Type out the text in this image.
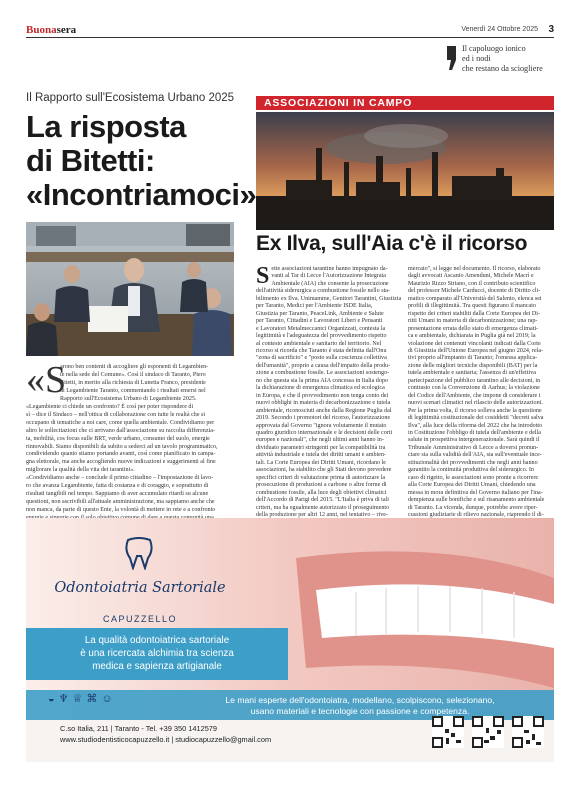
Buonasera	Venerdì 24 Ottobre 2025 3
Il capoluogo ionico
ed i nodi
che restano da sciogliere
Il Rapporto sull'Ecosistema Urbano 2025
La risposta
di Bitetti:
«Incontriamoci»
«S

arono ben contenti di accogliere gli esponenti di Legambien-

te nella sede del Comune». Così il sindaco di Taranto, Piero

Bitetti, in merito alla richiesta di Lunetta Franco, presidente

di Legambiente Taranto, commentando i risultati emersi nel

Rapporto sull'Ecosistema Urbano di Legambiente 2025.

«Legambiente ci chiede un confronto? È così per poter rispondere di

sì – dice il Sindaco – nell'ottica di collaborazione con tutte le realtà che si

occupano di tematiche a noi care, come quella ambientale. Condividiamo per

altro le sollecitazioni che ci arrivano dall'associazione su raccolta differenzia-

ta, mobilità, cos focus sulle BRT, verde urbano, consumo del suolo, energie

rinnovabili. Siamo disponibili da subito a sederci ad un tavolo programmatico,

condividendo quanto stiamo portando avanti, così come pianificato in campa-

gna elettorale, ma anche accogliendo nuove indicazioni e suggerimenti al fine

migliorare la qualità della vita dei tarantini».

«Condividiamo anche – conclude il primo cittadino – l'impostazione di lavo-

ro che avanza Legambiente, fatta di costanza e di coraggio, e soprattutto di

risultati tangibili nel tempo. Sappiamo di aver accumulato ritardi su alcune

questioni, non ascrivibili all'attuale amministrazione, ma sappiamo anche che

non manca, da parte di questo Ente, la volontà di mettere in rete e a confronto

ASSOCIAZIONI IN CAMPO
Ex Ilva, sull'Aia c'è il ricorso
S ette associazioni tarantine hanno impugnato da-
vanti al Tar di Lecce l'Autorizzazione Integrata
Ambientale (AIA) che consente la prosecuzione
dell'attività siderurgica a combustione fossile nello sta-
bilimento ex Ilva. Unimamme, Genitori Tarantini, Giustizia
per Taranto, Medici per l'Ambiente ISDE Italia,
Giustizia per Taranto, PeaceLink, Ambiente e Salute
per Taranto, Cittadini e Lavoratori Liberi e Pensanti
e Lavoratori Metalmeccanici Organizzati, contesta la
legittimità e l'adeguatezza del provvedimento rispetto
al contesto ambientale e sanitario del territorio. Nel
ricorso si ricorda che Taranto è stata definita dall'Onu
"zona di sacrificio" e "posto sulla coscienza collettiva
dell'umanità", proprio a causa dell'impatto della produ-
zione a combustione fossile. Le associazioni sostengo-
no che questa sia la prima AIA concessa in Italia dopo
la dichiarazione di emergenza climatica ed ecologica
in Europa, e che il provvedimento non tenga conto dei
nuovi obblighi in materia di decarbonizzazione e tutela
ambientale, riconosciuti anche dalla Regione Puglia dal
2019. Secondo i promotori del ricorso, l'autorizzazione
approvata dal Governo "ignora volutamente il mutato
quadro giuridico internazionale e le decisioni delle corti
europee e nazionali", che negli ultimi anni hanno in-
dividuato parametri stringenti per la compatibilità tra
attività industriale e tutela dei diritti umani e ambien-
tali. La Corte Europea dei Diritti Umani, ricordano le
associazioni, ha stabilito che gli Stati devono prevedere
specifici criteri di valutazione prima di autorizzare la
prosecuzione di produzioni a carbone o altre forme di
combustione fossile, alla luce degli obiettivi climatici
dell'Accordo di Parigi del 2015. "L'Italia è priva di tali
criteri, ma ha egualmente autorizzato il proseguimento
della produzione per altri 12 anni, nel tentativo – rive-
mercato", si legge nel documento. Il ricorso, elaborato
dagli avvocati Ascanio Amenduni, Michele Macrì e
Maurizio Rizzo Striano, con il contributo scientifico
del professor Michele Carducci, docente di Diritto cli-
matico comparato all'Università del Salento, elenca sei
profili di illegittimità. Tra questi figurano il mancato
rispetto dei criteri stabiliti dalla Corte Europea dei Di-
ritti Umani in materia di decarbonizzazione; una rap-
presentazione errata dello stato di emergenza climati-
ca e ambientale, dichiarata in Puglia già nel 2019; la
violazione dei contenuti vincolanti indicati dalla Corte
di Giustizia dell'Unione Europea nel giugno 2024, rela-
tivi proprio all'impianto di Taranto; l'omessa applica-
zione delle migliori tecniche disponibili (BAT) per la
tutela ambientale e sanitaria; l'assenza di un'effettiva
partecipazione del pubblico tarantino alle decisioni, in
contrasto con la Convenzione di Aarhus; la violazione
del Codice dell'Ambiente, che impone di considerare i
nuovi scenari climatici nel rilascio delle autorizzazioni.
Per la prima volta, il ricorso solleva anche la questione
di legittimità costituzionale dei cosiddetti "decreti salva
Ilva", alla luce della riforma del 2022 che ha introdotto
in Costituzione l'obbligo di tutela dell'ambiente e della
salute in prospettiva intergenerazionale. Sarà quindi il
Tribunale Amministrativo di Lecce a doversi pronun-
ciare sia sulla validità dell'AIA, sia sull'eventuale ince-
stituzionalità dei provvedimenti che negli anni hanno
garantito la continuità produttiva del siderurgico. In
caso di rigetto, le associazioni sono pronte a ricorrere
alla Corte Europea dei Diritti Umani, chiedendo una
messa in mora definitiva del Governo italiano per l'ina-
dempienza sulle bonifiche e sul risanamento ambientale
di Taranto. La vicenda, dunque, potrebbe avere riper-
cussioni giudiziarie di rilievo nazionale, riaprendo il di-
Odontoiatria Sartoriale
CAPUZZELLO
La qualità odontoiatrica sartoriale
è una ricercata alchimia tra scienza
medica e sapienza artigianale
◒♆♕⌘☺	Le mani esperte dell'odontoiatra, modellano, scolpiscono, selezionano,
usano materiali e tecnologie con passione e competenza.
C.so Italia, 211 | Taranto - Tel. +39 350 1412579
www.studiodentisticocapuzzello.it | studiocapuzzello@gmail.com
